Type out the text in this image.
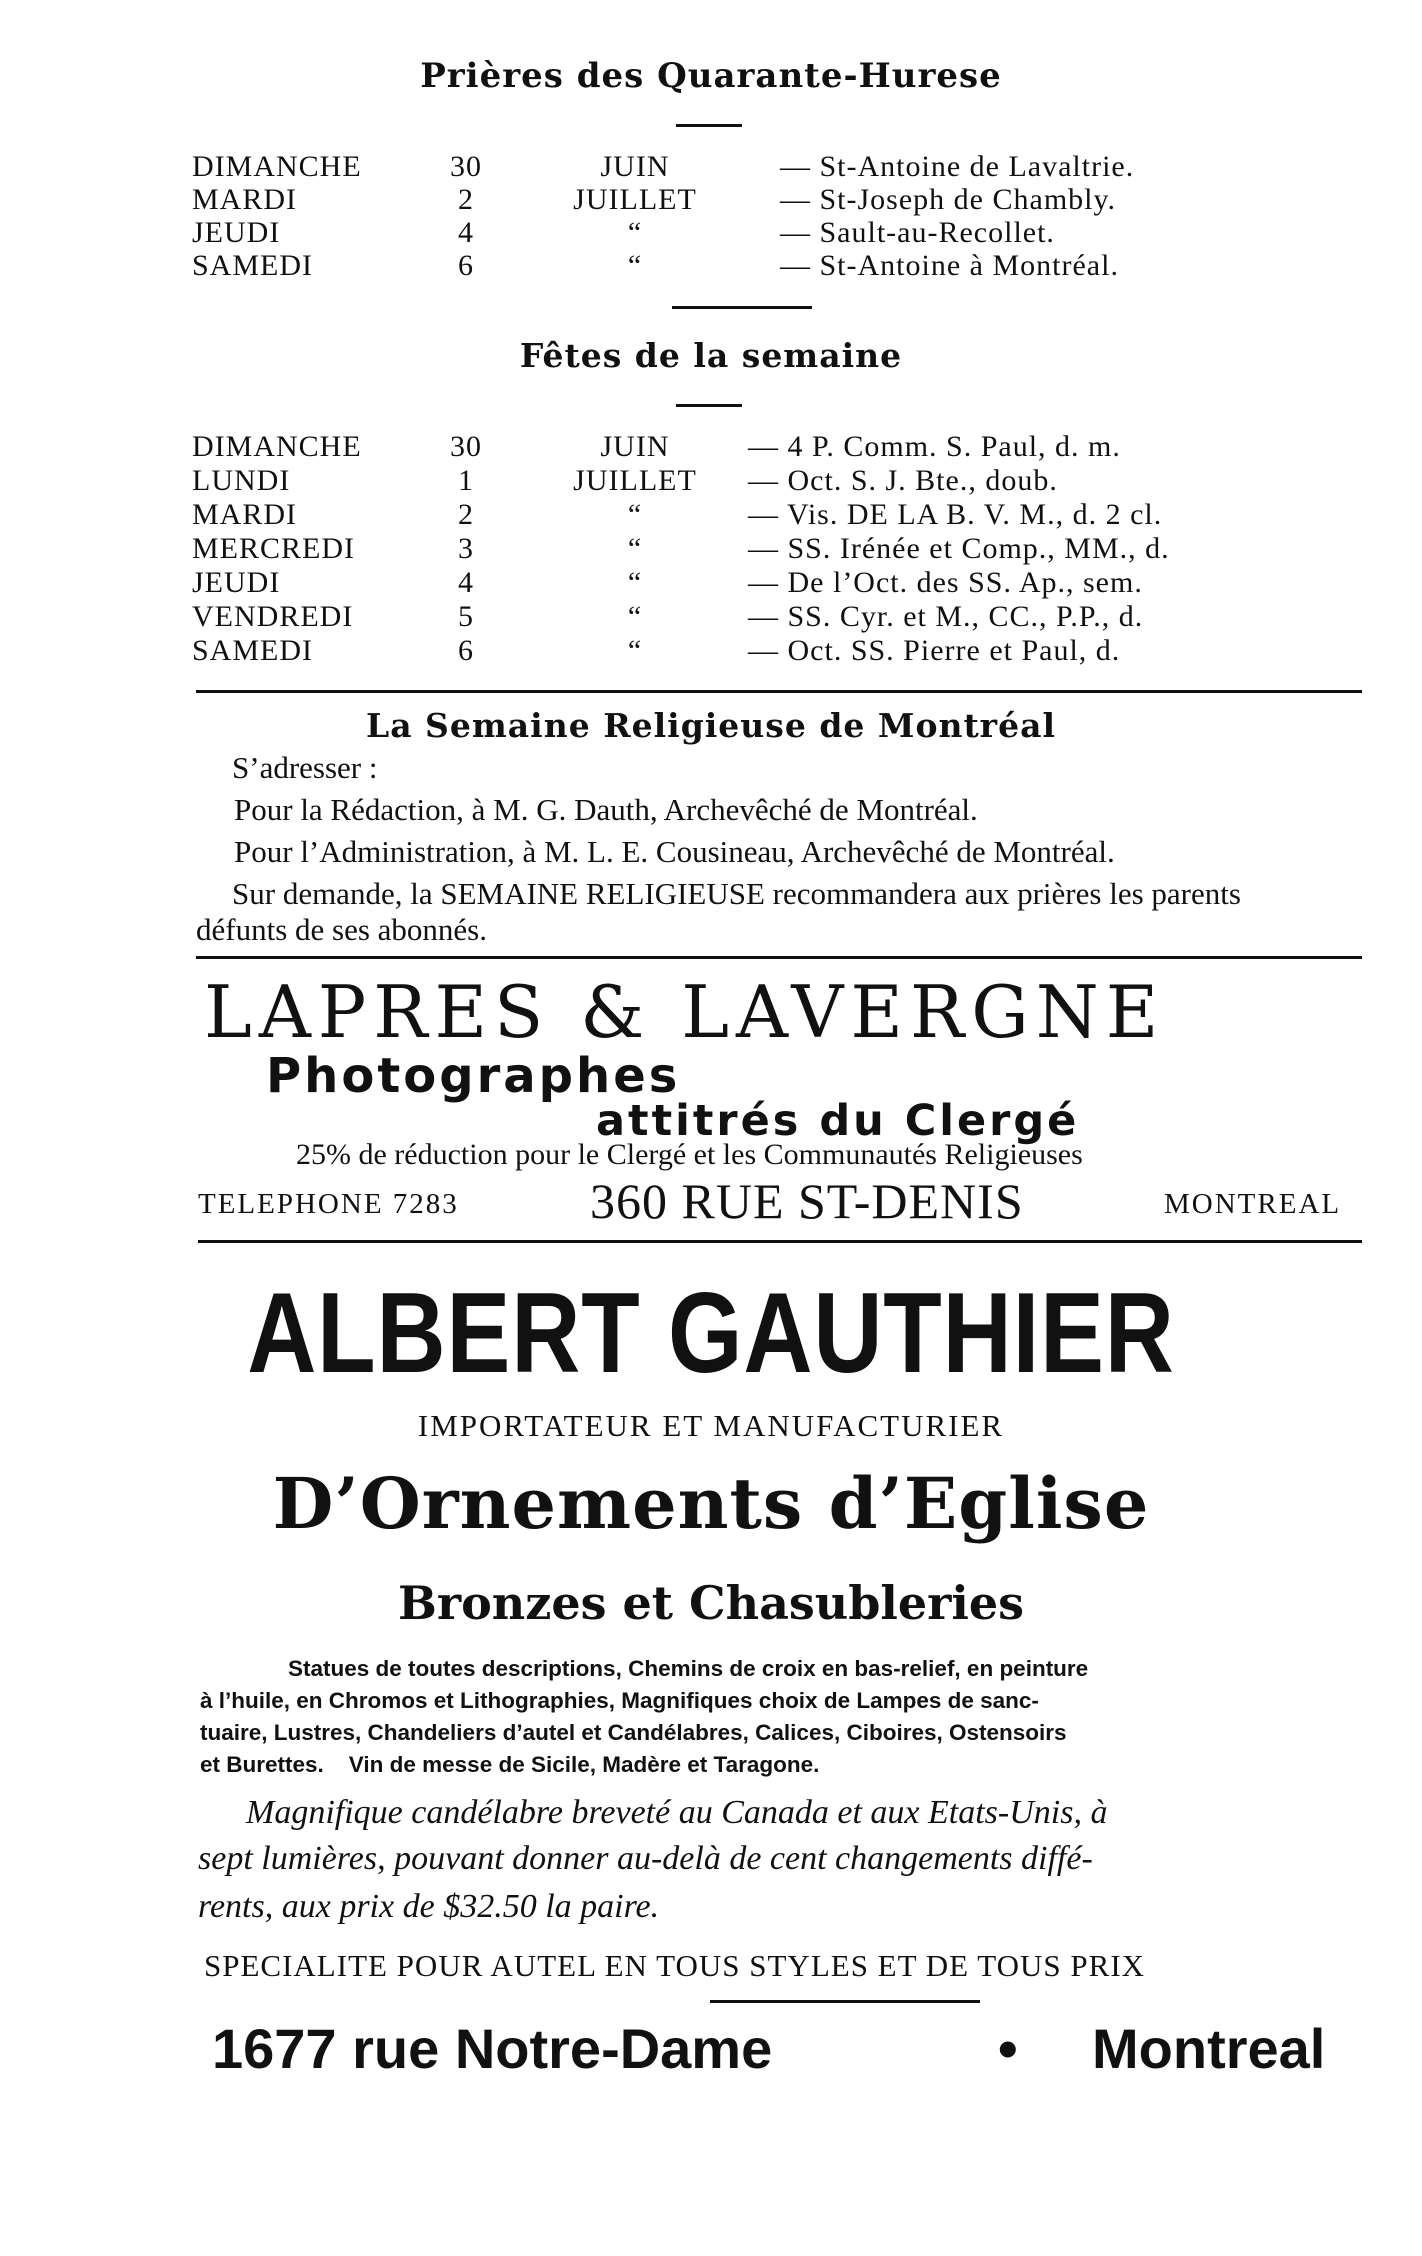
Prières des Quarante-Hurese
DIMANCHE	30	JUIN	— St-Antoine de Lavaltrie.
MARDI	2	JUILLET	— St-Joseph de Chambly.
JEUDI	4	“	— Sault-au-Recollet.
SAMEDI	6	“	— St-Antoine à Montréal.
Fêtes de la semaine
DIMANCHE	30	JUIN	— 4 P. Comm. S. Paul, d. m.
LUNDI	1	JUILLET	— Oct. S. J. Bte., doub.
MARDI	2	“	— Vis. DE LA B. V. M., d. 2 cl.
MERCREDI	3	“	— SS. Irénée et Comp., MM., d.
JEUDI	4	“	— De l’Oct. des SS. Ap., sem.
VENDREDI	5	“	— SS. Cyr. et M., CC., P.P., d.
SAMEDI	6	“	— Oct. SS. Pierre et Paul, d.
La Semaine Religieuse de Montréal
S’adresser :
Pour la Rédaction, à M. G. Dauth, Archevêché de Montréal.
Pour l’Administration, à M. L. E. Cousineau, Archevêché de Montréal.
Sur demande, la SEMAINE RELIGIEUSE recommandera aux prières les parents
défunts de ses abonnés.
LAPRES & LAVERGNE
Photographes
attitrés du Clergé
25% de réduction pour le Clergé et les Communautés Religieuses
TELEPHONE 7283	360 RUE ST-DENIS	MONTREAL
ALBERT GAUTHIER
IMPORTATEUR ET MANUFACTURIER
D’Ornements d’Eglise
Bronzes et Chasubleries
Statues de toutes descriptions, Chemins de croix en bas-relief, en peinture
à l’huile, en Chromos et Lithographies, Magnifiques choix de Lampes de sanc-
tuaire, Lustres, Chandeliers d’autel et Candélabres, Calices, Ciboires, Ostensoirs
et Burettes.    Vin de messe de Sicile, Madère et Taragone.
Magnifique candélabre breveté au Canada et aux Etats-Unis, à
sept lumières, pouvant donner au-delà de cent changements diffé-
rents, aux prix de $32.50 la paire.
SPECIALITE POUR AUTEL EN TOUS STYLES ET DE TOUS PRIX
1677 rue Notre-Dame	• Montreal
